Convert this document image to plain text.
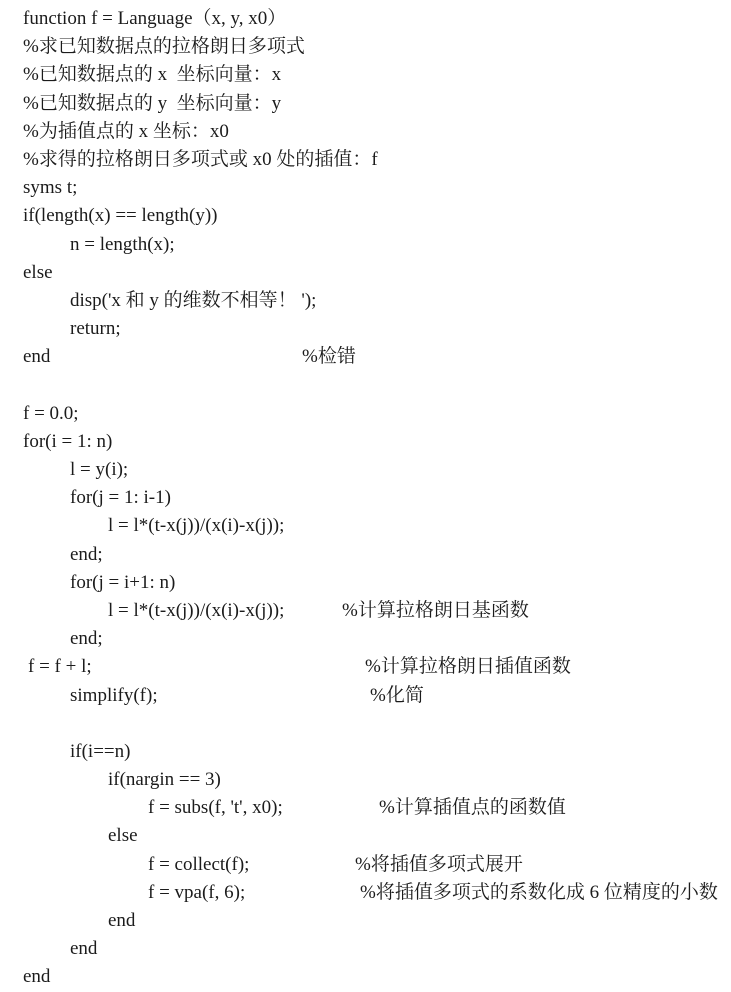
function f = Language（x, y, x0）
%求已知数据点的拉格朗日多项式
%已知数据点的 x  坐标向量：x
%已知数据点的 y  坐标向量：y
%为插值点的 x 坐标：x0
%求得的拉格朗日多项式或 x0 处的插值：f
syms t;
if(length(x) == length(y))
n = length(x);
else
disp('x 和 y 的维数不相等！ ');
return;
end	%检错
f = 0.0;
for(i = 1: n)
l = y(i);
for(j = 1: i-1)
l = l*(t-x(j))/(x(i)-x(j));
end;
for(j = i+1: n)
l = l*(t-x(j))/(x(i)-x(j));	%计算拉格朗日基函数
end;
f = f + l;	%计算拉格朗日插值函数
simplify(f);	%化简
if(i==n)
if(nargin == 3)
f = subs(f, 't', x0);	%计算插值点的函数值
else
f = collect(f);	%将插值多项式展开
f = vpa(f, 6);	%将插值多项式的系数化成 6 位精度的小数
end
end
end
